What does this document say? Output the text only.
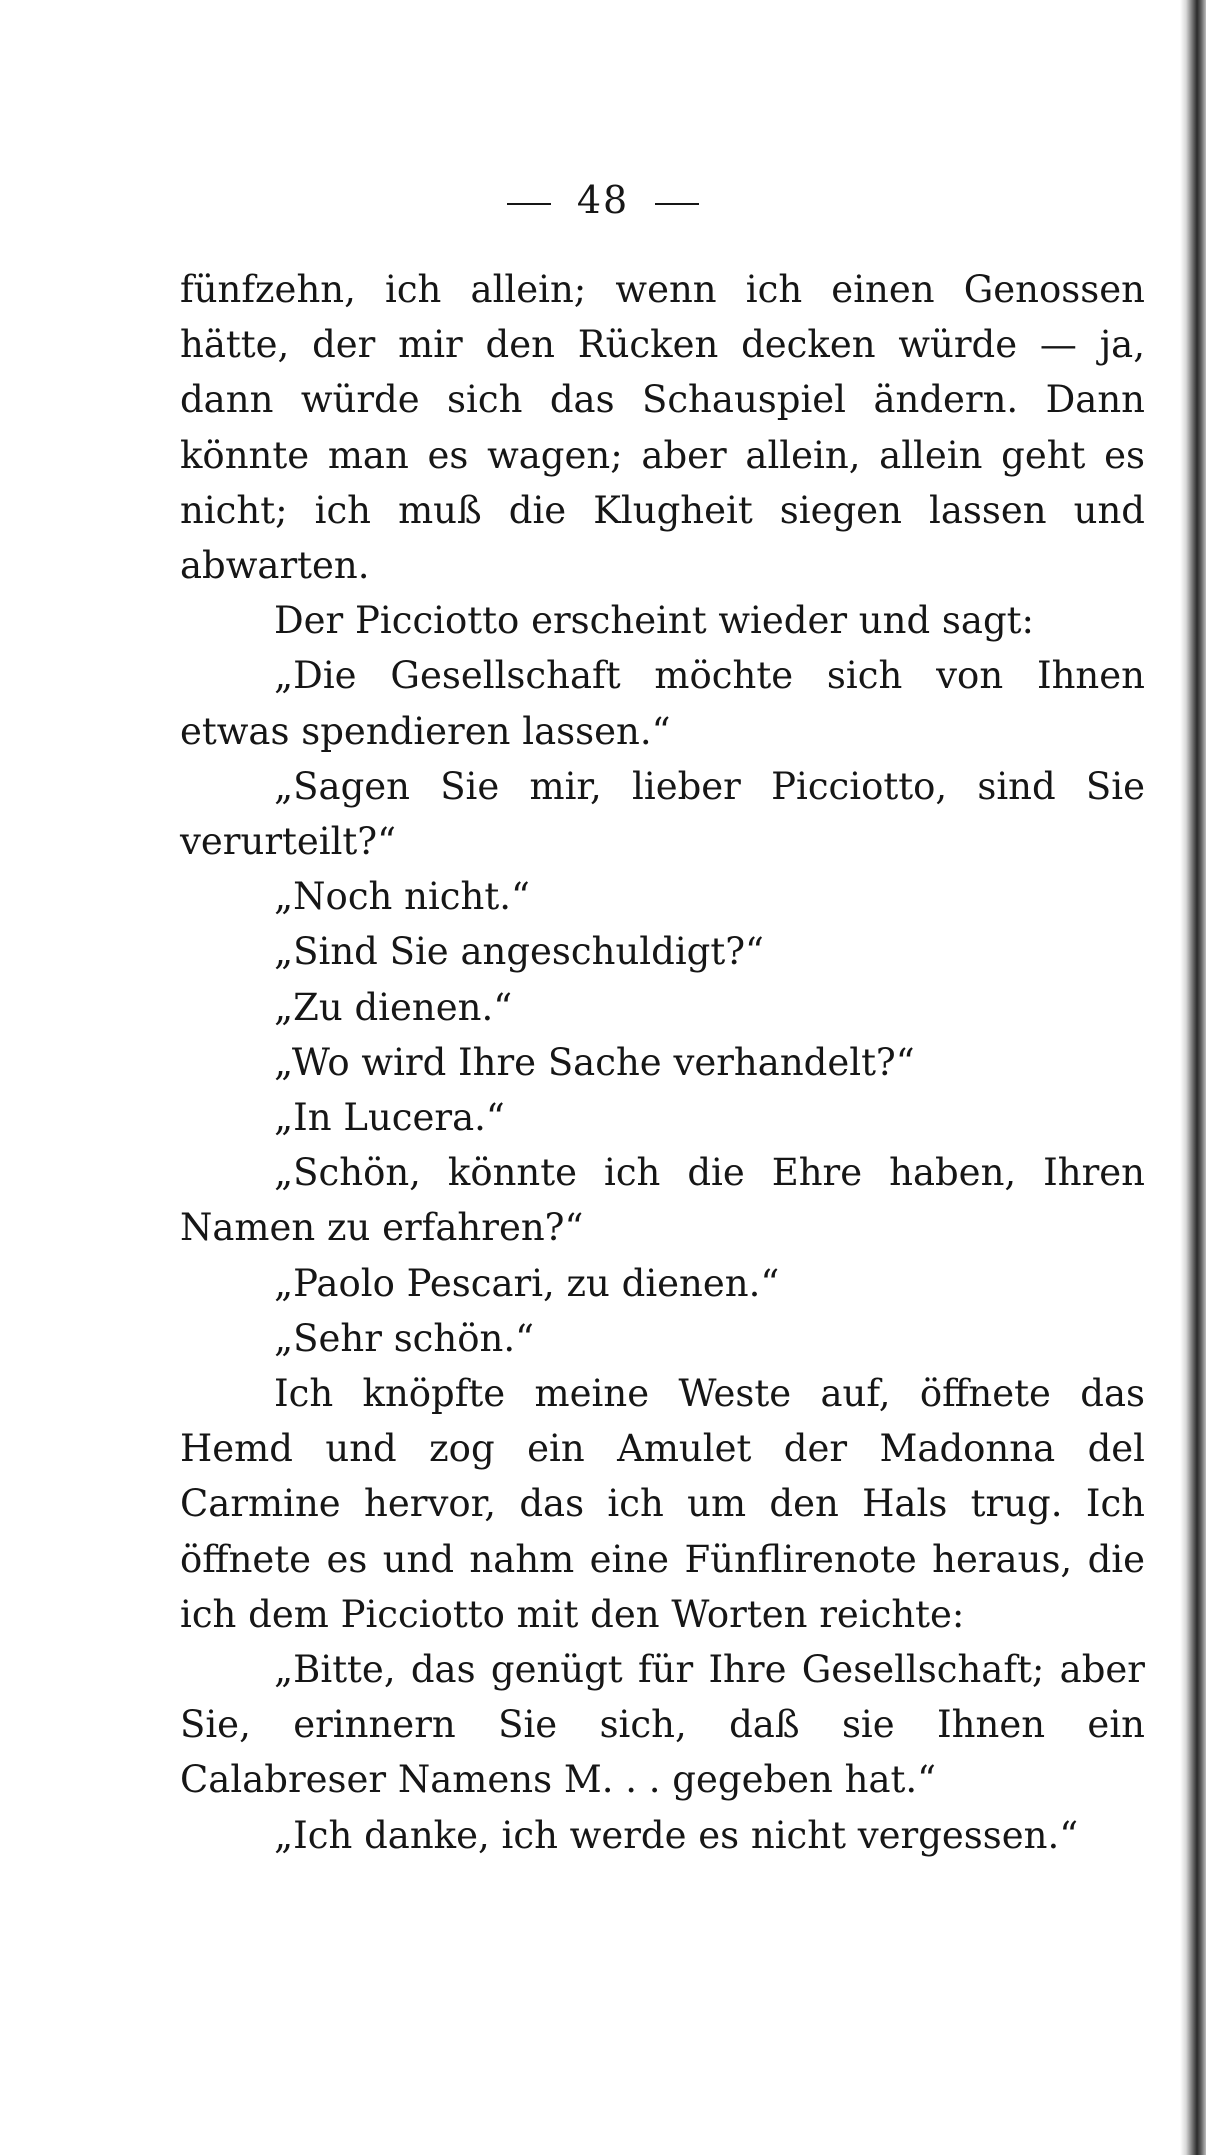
48

fünfzehn, ich allein; wenn ich einen Genossen hätte, der mir den Rücken decken würde — ja, dann würde sich das Schauspiel ändern. Dann könnte man es wagen; aber allein, allein geht es nicht; ich muß die Klugheit siegen lassen und abwarten.

Der Picciotto erscheint wieder und sagt:

„Die Gesellschaft möchte sich von Ihnen etwas spendieren lassen.“

„Sagen Sie mir, lieber Picciotto, sind Sie verurteilt?“

„Noch nicht.“

„Sind Sie angeschuldigt?“

„Zu dienen.“

„Wo wird Ihre Sache verhandelt?“

„In Lucera.“

„Schön, könnte ich die Ehre haben, Ihren Namen zu erfahren?“

„Paolo Pescari, zu dienen.“

„Sehr schön.“

Ich knöpfte meine Weste auf, öffnete das Hemd und zog ein Amulet der Madonna del Carmine hervor, das ich um den Hals trug. Ich öffnete es und nahm eine Fünflirenote heraus, die ich dem Picciotto mit den Worten reichte:

„Bitte, das genügt für Ihre Gesellschaft; aber Sie, erinnern Sie sich, daß sie Ihnen ein Calabreser Namens M. . . gegeben hat.“

„Ich danke, ich werde es nicht vergessen.“
